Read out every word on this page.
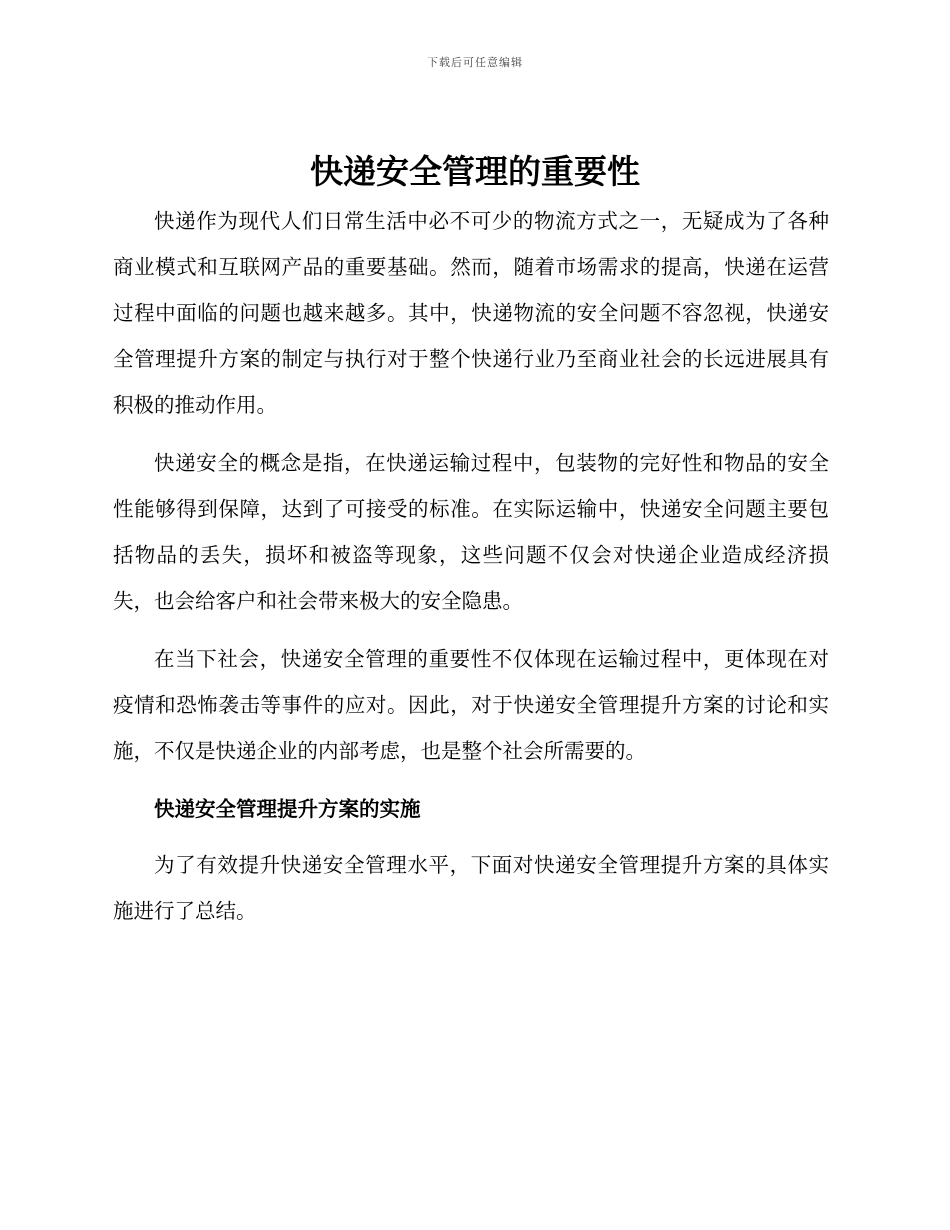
下载后可任意编辑
快递安全管理的重要性

快递作为现代人们日常生活中必不可少的物流方式之一，无疑成为了各种商业模式和互联网产品的重要基础。然而，随着市场需求的提高，快递在运营过程中面临的问题也越来越多。其中，快递物流的安全问题不容忽视，快递安全管理提升方案的制定与执行对于整个快递行业乃至商业社会的长远进展具有积极的推动作用。

快递安全的概念是指，在快递运输过程中，包装物的完好性和物品的安全性能够得到保障，达到了可接受的标准。在实际运输中，快递安全问题主要包括物品的丢失，损坏和被盗等现象，这些问题不仅会对快递企业造成经济损失，也会给客户和社会带来极大的安全隐患。

在当下社会，快递安全管理的重要性不仅体现在运输过程中，更体现在对疫情和恐怖袭击等事件的应对。因此，对于快递安全管理提升方案的讨论和实施，不仅是快递企业的内部考虑，也是整个社会所需要的。

快递安全管理提升方案的实施

为了有效提升快递安全管理水平，下面对快递安全管理提升方案的具体实施进行了总结。
